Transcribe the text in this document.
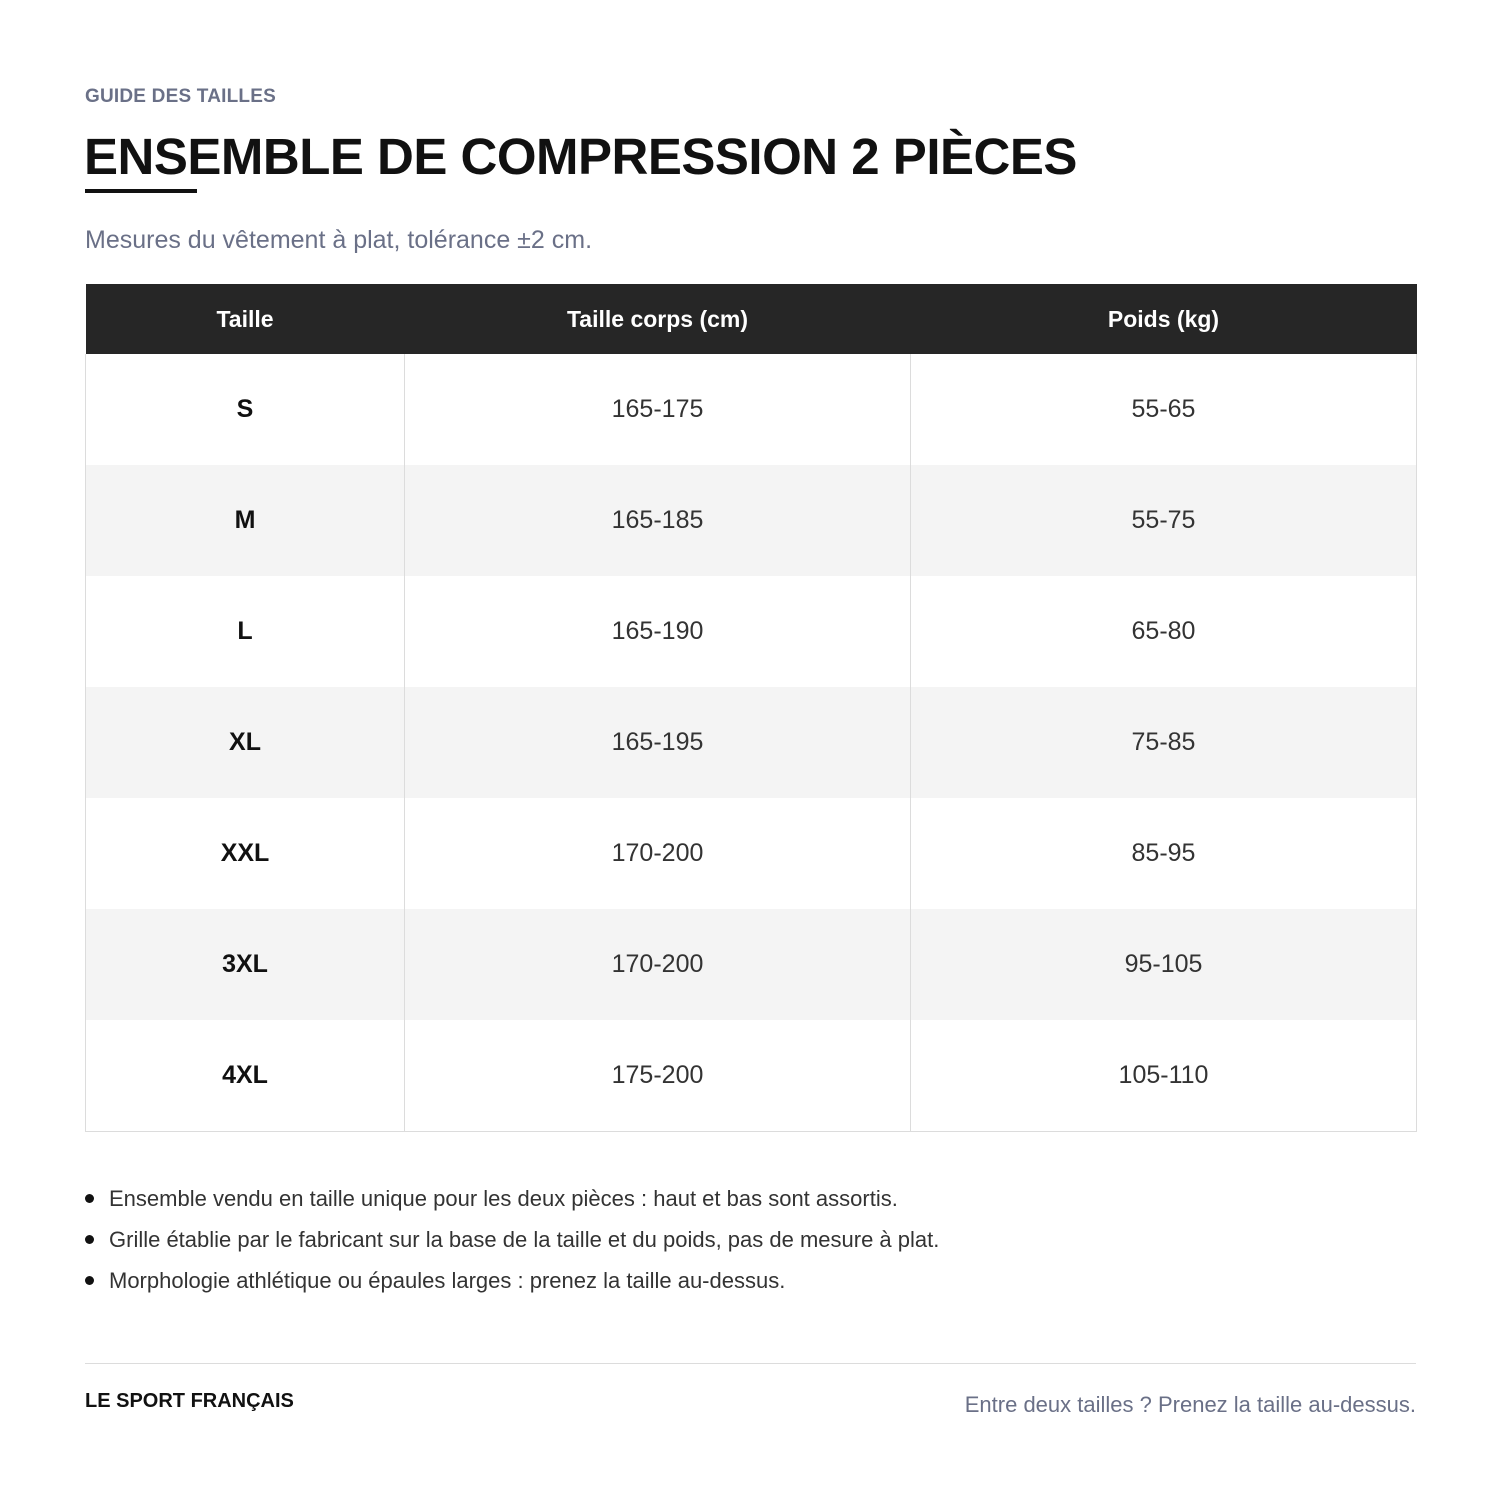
GUIDE DES TAILLES

ENSEMBLE DE COMPRESSION 2 PIÈCES

Mesures du vêtement à plat, tolérance ±2 cm.

Taille	Taille corps (cm)	Poids (kg)
S	165-175	55-65
M	165-185	55-75
L	165-190	65-80
XL	165-195	75-85
XXL	170-200	85-95
3XL	170-200	95-105
4XL	175-200	105-110
Ensemble vendu en taille unique pour les deux pièces : haut et bas sont assortis.
Grille établie par le fabricant sur la base de la taille et du poids, pas de mesure à plat.
Morphologie athlétique ou épaules larges : prenez la taille au-dessus.

LE SPORT FRANÇAIS	Entre deux tailles ? Prenez la taille au-dessus.
